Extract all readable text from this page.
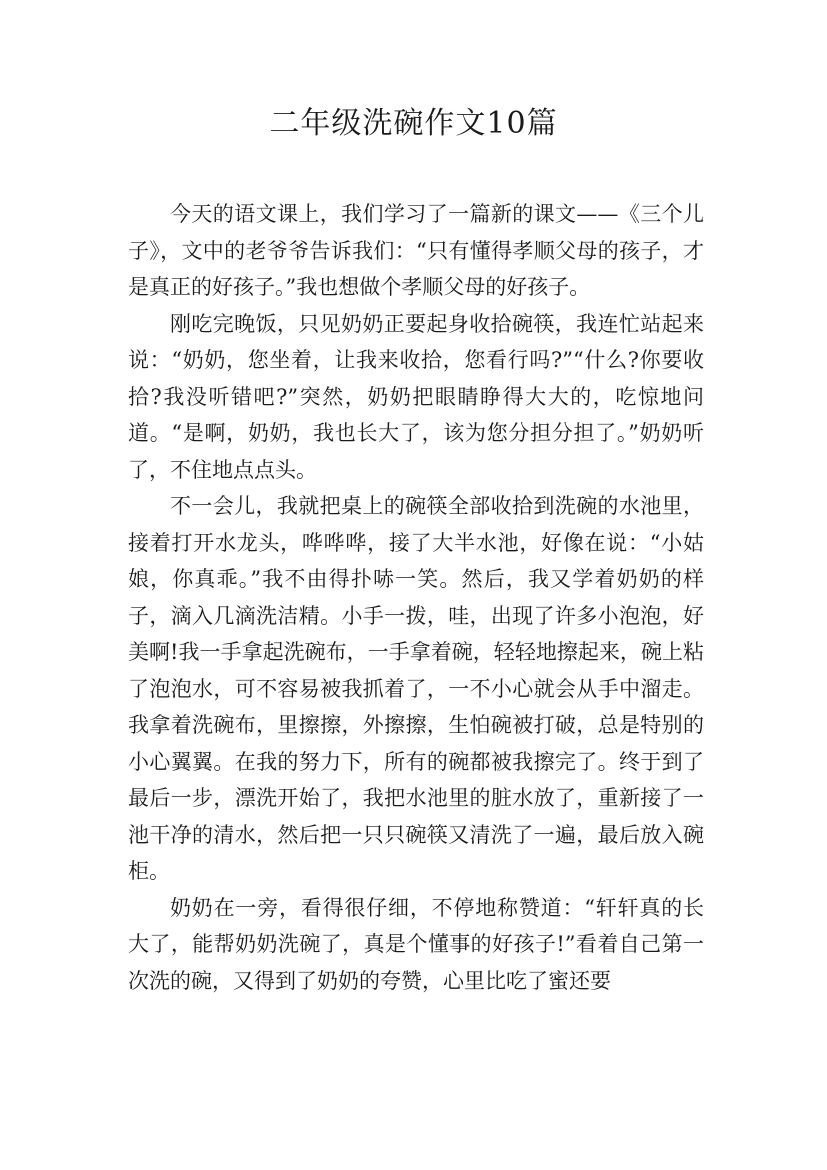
二年级洗碗作文10篇

今天的语文课上，我们学习了一篇新的课文——《三个儿子》，文中的老爷爷告诉我们：“只有懂得孝顺父母的孩子，才是真正的好孩子。”我也想做个孝顺父母的好孩子。

刚吃完晚饭，只见奶奶正要起身收拾碗筷，我连忙站起来说：“奶奶，您坐着，让我来收拾，您看行吗?”“什么?你要收拾?我没听错吧?”突然，奶奶把眼睛睁得大大的，吃惊地问道。“是啊，奶奶，我也长大了，该为您分担分担了。”奶奶听了，不住地点点头。

不一会儿，我就把桌上的碗筷全部收拾到洗碗的水池里，接着打开水龙头，哗哗哗，接了大半水池，好像在说：“小姑娘，你真乖。”我不由得扑哧一笑。然后，我又学着奶奶的样子，滴入几滴洗洁精。小手一拨，哇，出现了许多小泡泡，好美啊!我一手拿起洗碗布，一手拿着碗，轻轻地擦起来，碗上粘了泡泡水，可不容易被我抓着了，一不小心就会从手中溜走。我拿着洗碗布，里擦擦，外擦擦，生怕碗被打破，总是特别的小心翼翼。在我的努力下，所有的碗都被我擦完了。终于到了最后一步，漂洗开始了，我把水池里的脏水放了，重新接了一池干净的清水，然后把一只只碗筷又清洗了一遍，最后放入碗柜。

奶奶在一旁，看得很仔细，不停地称赞道：“轩轩真的长大了，能帮奶奶洗碗了，真是个懂事的好孩子!”看着自己第一次洗的碗，又得到了奶奶的夸赞，心里比吃了蜜还要
